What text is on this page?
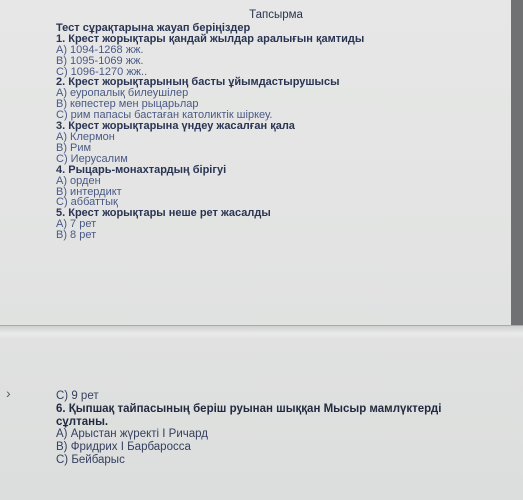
Тапсырма
Тест сұрақтарына жауап беріңіздер
1. Крест жорықтары қандай жылдар аралығын қамтиды
А) 1094-1268 жж.
В) 1095-1069 жж.
С) 1096-1270 жж..
2. Крест жорықтарының басты ұйымдастырушысы
А) еуропалық билеушілер
В) көпестер мен рыцарьлар
С) рим папасы бастаған католиктік шіркеу.
3. Крест жорықтарына үндеу жасалған қала
А) Клермон
В) Рим
С) Иерусалим
4. Рыцарь-монахтардың бірігуі
А) орден
В) интердикт
С) аббаттық
5. Крест жорықтары неше рет жасалды
А) 7 рет
В) 8 рет
›	С) 9 рет
6. Қыпшақ тайпасының беріш руынан шыққан Мысыр мамлүктерді
сұлтаны.
А) Арыстан жүректі І Ричард
В) Фридрих І Барбаросса
С) Бейбарыс
